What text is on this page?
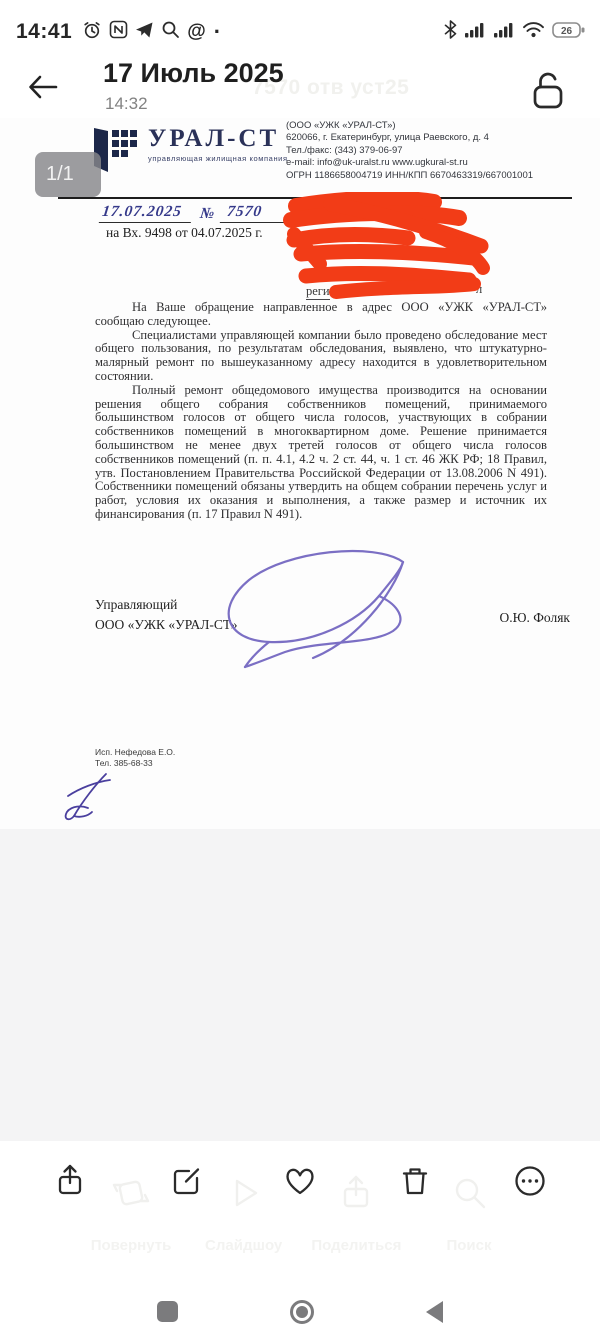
14:41	@ ·	26
7570 отв уст25
17 Июль 2025
14:32
УРАЛ-СТ
управляющая жилищная компания
(ООО «УЖК «УРАЛ-СТ»)
620066, г. Екатеринбург, улица Раевского, д. 4
Тел./факс: (343) 379-06-97
e-mail: info@uk-uralst.ru www.ugkural-st.ru
ОГРН 1186658004719 ИНН/КПП 6670463319/667001001
1/1
17.07.2025	№ 7570
на Вх. 9498 от 04.07.2025 г.
итска
реги	л

На Ваше обращение направленное в адрес ООО «УЖК «УРАЛ-СТ» сообщаю следующее.

Специалистами управляющей компании было проведено обследование мест общего пользования, по результатам обследования, выявлено, что штукатурно-малярный ремонт по вышеуказанному адресу находится в удовлетворительном состоянии.

Полный ремонт общедомового имущества производится на основании решения общего собрания собственников помещений, принимаемого большинством голосов от общего числа голосов, участвующих в собрании собственников помещений в многоквартирном доме. Решение принимается большинством не менее двух третей голосов от общего числа голосов собственников помещений (п. п. 4.1, 4.2 ч. 2 ст. 44, ч. 1 ст. 46 ЖК РФ; 18 Правил, утв. Постановлением Правительства Российской Федерации от 13.08.2006 N 491). Собственники помещений обязаны утвердить на общем собрании перечень услуг и работ, условия их оказания и выполнения, а также размер и источник их финансирования (п. 17 Правил N 491).

Управляющий
ООО «УЖК «УРАЛ-СТ»	О.Ю. Фоляк
Исп. Нефедова Е.О.
Тел. 385-68-33
Повернуть	Слайдшоу	Поделиться	Поиск
